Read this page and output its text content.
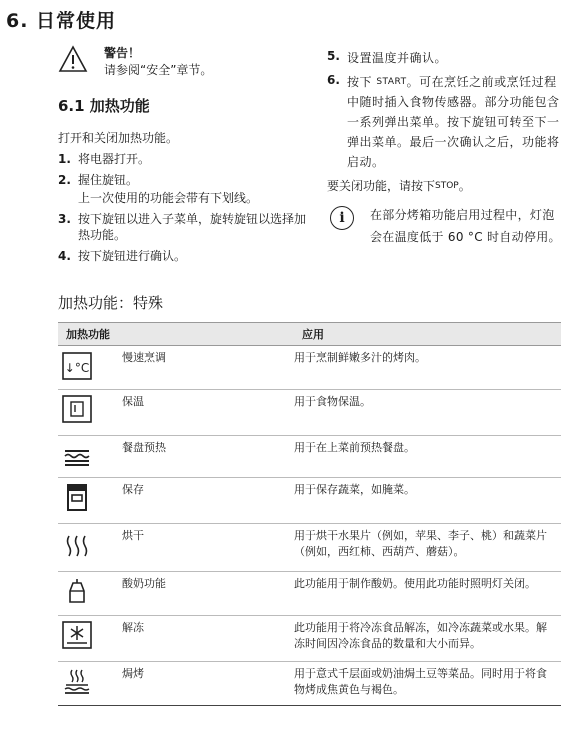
6. 日常使用
警告！
请参阅“安全”章节。
6.1 加热功能
打开和关闭加热功能。
1. 将电器打开。
2. 握住旋钮。
上一次使用的功能会带有下划线。
3. 按下旋钮以进入子菜单，旋转旋钮以选择加热功能。
4. 按下旋钮进行确认。
5. 设置温度并确认。
6. 按下 $^{START}$。可在烹饪之前或烹饪过程中随时插入食物传感器。部分功能包含一系列弹出菜单。按下旋钮可转至下一弹出菜单。最后一次确认之后，功能将启动。
要关闭功能，请按下$^{STOP}$。
i	在部分烤箱功能启用过程中，灯泡会在温度低于 60 °C 时自动停用。
加热功能：特殊
加热功能		应用

↓°C	慢速烹调	用于烹制鲜嫩多汁的烤肉。

	保温	用于食物保温。

	餐盘预热	用于在上菜前预热餐盘。

	保存	用于保存蔬菜，如腌菜。

	烘干	用于烘干水果片（例如，苹果、李子、桃）和蔬菜片（例如，西红柿、西葫芦、蘑菇）。

	酸奶功能	此功能用于制作酸奶。使用此功能时照明灯关闭。

	解冻	此功能用于将冷冻食品解冻，如冷冻蔬菜或水果。解冻时间因冷冻食品的数量和大小而异。

	焗烤	用于意式千层面或奶油焗土豆等菜品。同时用于将食物烤成焦黄色与褐色。
